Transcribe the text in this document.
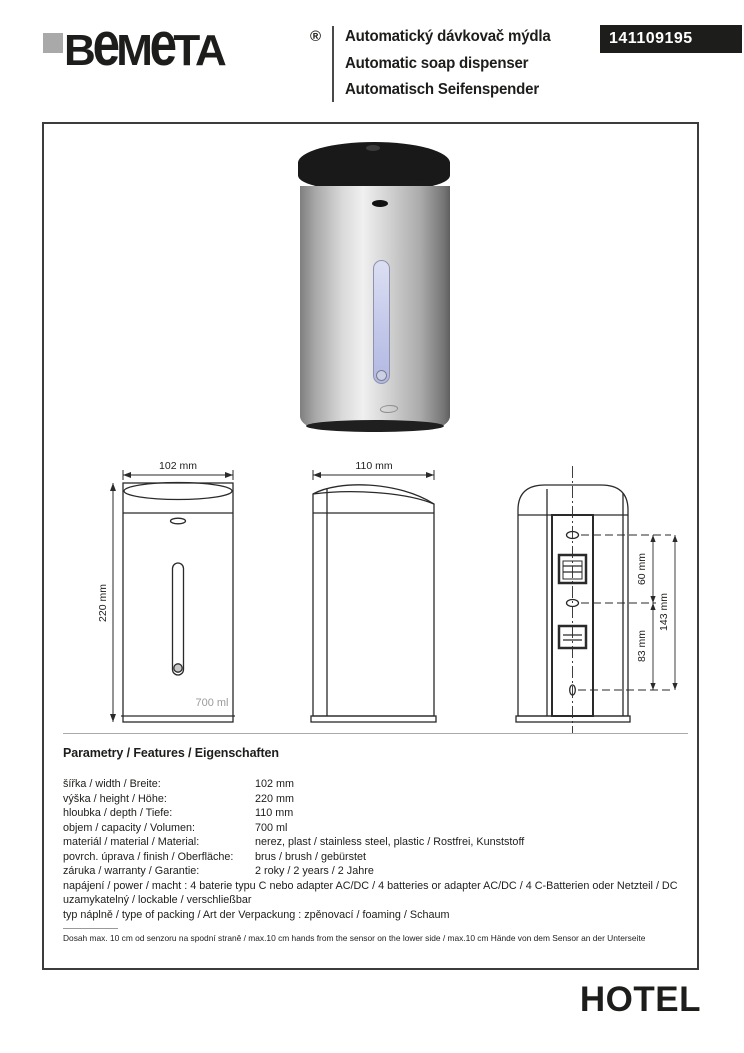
BeMeTA	® Automatický dávkovač mýdla
Automatic soap dispenser
Automatisch Seifenspender
141109195
102 mm
220 mm
700 ml
110 mm
60 mm
83 mm
143 mm
Parametry / Features / Eigenschaften
šířka / width / Breite:	102 mm
výška / height / Höhe:	220 mm
hloubka / depth / Tiefe:	110 mm
objem / capacity / Volumen:	700 ml
materiál / material / Material:	nerez, plast / stainless steel, plastic / Rostfrei, Kunststoff
povrch. úprava / finish / Oberfläche:	brus / brush / gebürstet
záruka / warranty / Garantie:	2 roky / 2 years / 2 Jahre
napájení / power / macht : 4 baterie typu C nebo adapter AC/DC / 4 batteries or adapter AC/DC / 4 C-Batterien oder Netzteil / DC
uzamykatelný / lockable / verschließbar
typ náplně / type of packing / Art der Verpackung : zpěnovací / foaming / Schaum
Dosah max. 10 cm od senzoru na spodní straně / max.10 cm hands from the sensor on the lower side / max.10 cm Hände von dem Sensor an der Unterseite
HOTEL
